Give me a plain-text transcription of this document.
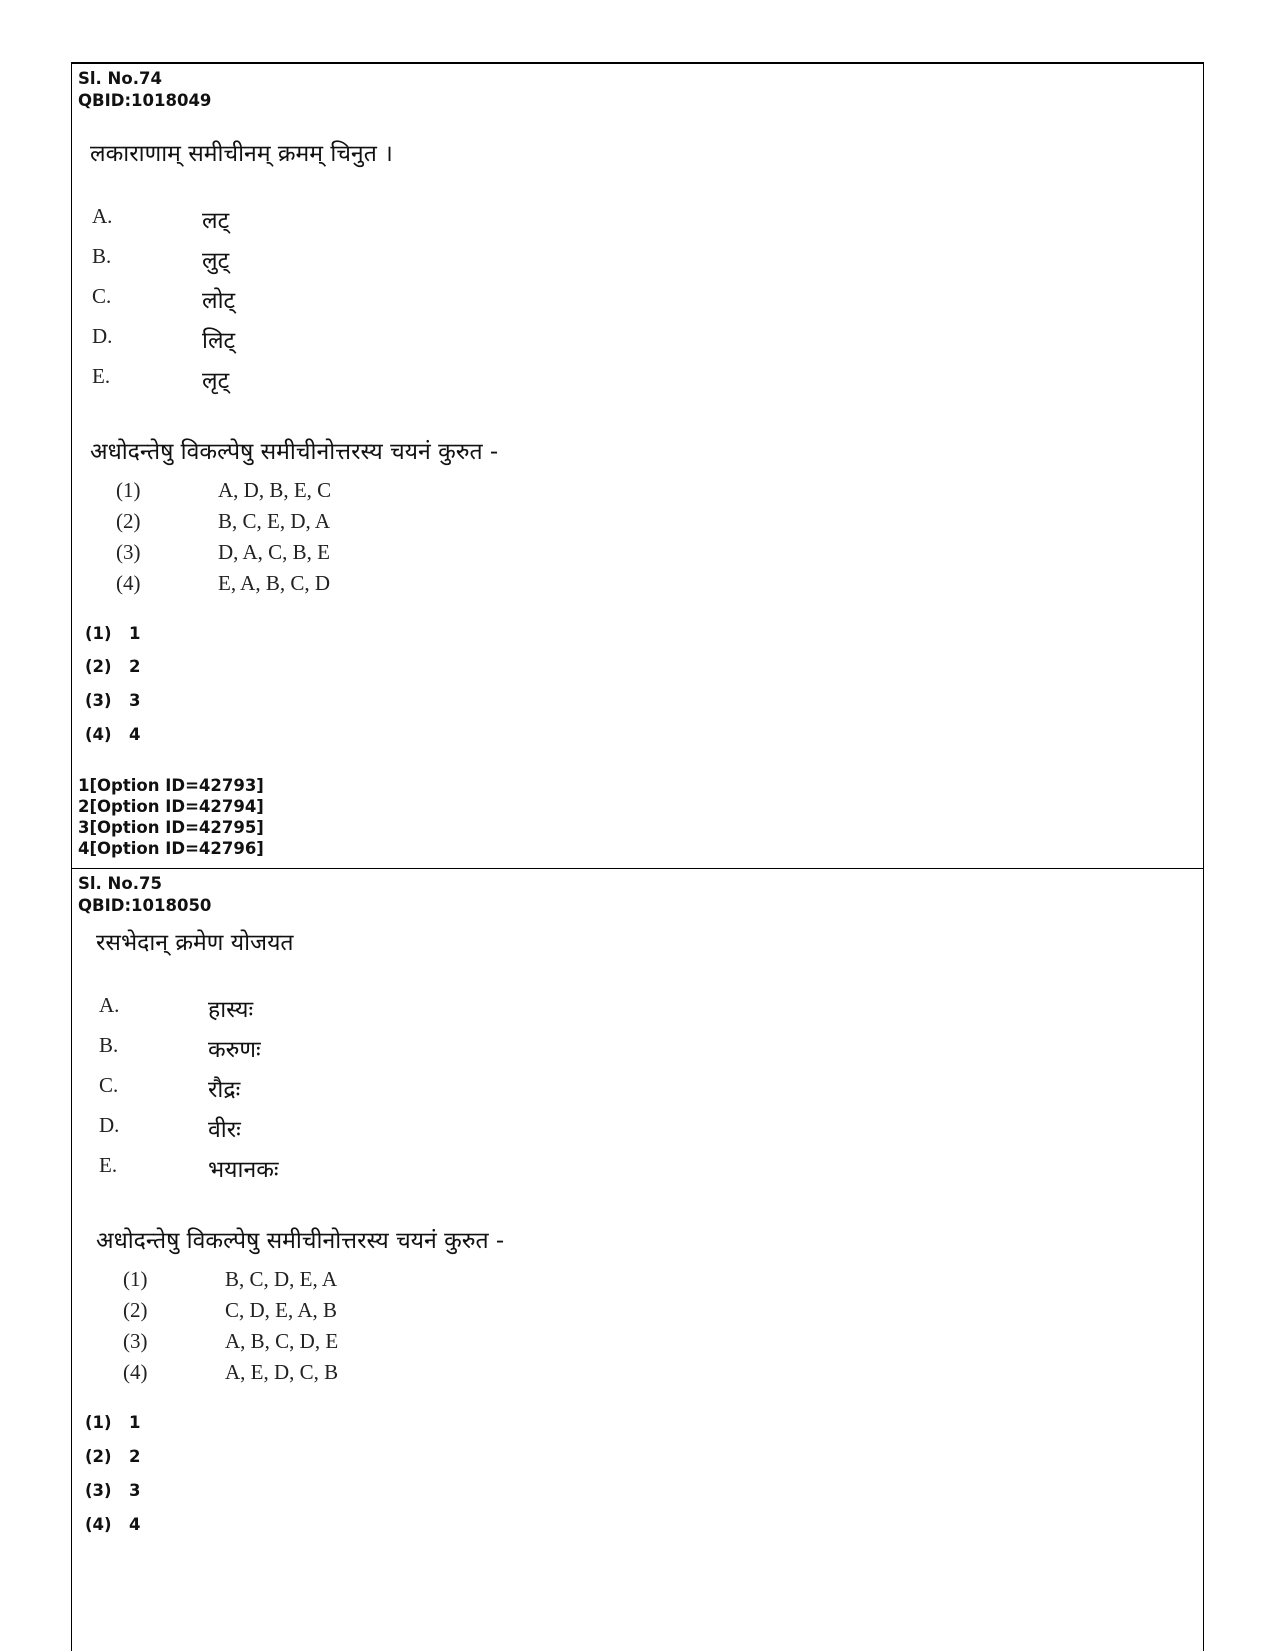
Sl. No.74
QBID:1018049
लकाराणाम् समीचीनम् क्रमम् चिनुत ।
A.	लट्
B.	लुट्
C.	लोट्
D.	लिट्
E.	लृट्
अधोदन्तेषु विकल्पेषु समीचीनोत्तरस्य चयनं कुरुत -
(1)	A, D, B, E, C
(2)	B, C, E, D, A
(3)	D, A, C, B, E
(4)	E, A, B, C, D
(1) 1
(2) 2
(3) 3
(4) 4
1[Option ID=42793]
2[Option ID=42794]
3[Option ID=42795]
4[Option ID=42796]
Sl. No.75
QBID:1018050
रसभेदान् क्रमेण योजयत
A.	हास्यः
B.	करुणः
C.	रौद्रः
D.	वीरः
E.	भयानकः
अधोदन्तेषु विकल्पेषु समीचीनोत्तरस्य चयनं कुरुत -
(1)	B, C, D, E, A
(2)	C, D, E, A, B
(3)	A, B, C, D, E
(4)	A, E, D, C, B
(1) 1
(2) 2
(3) 3
(4) 4
